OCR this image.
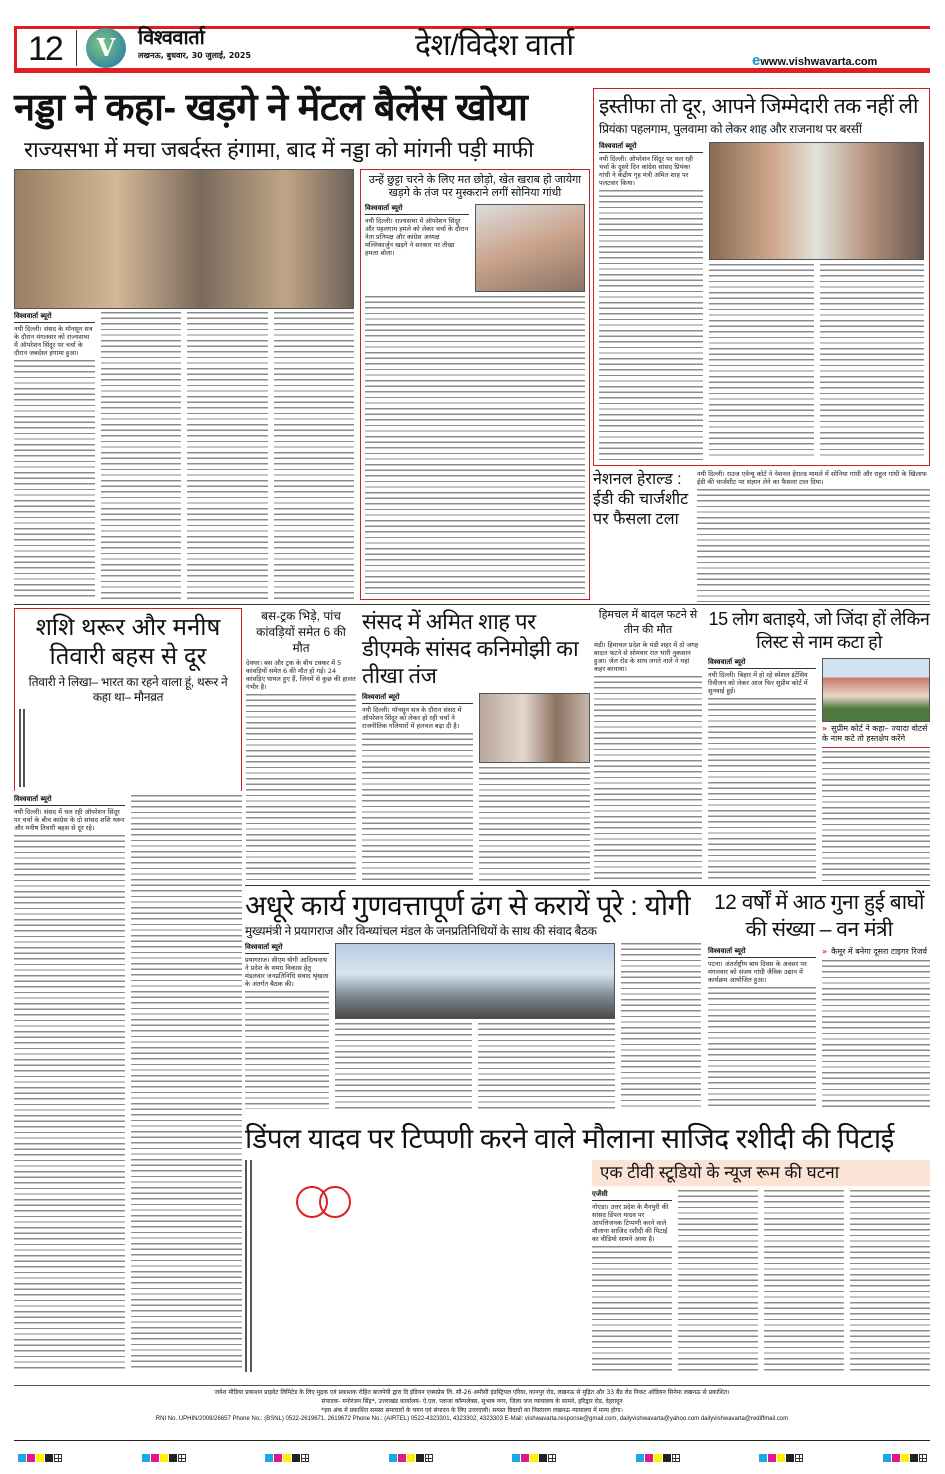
12	V	विश्ववार्ता
लखनऊ, बुधवार, 30 जुलाई, 2025	देश/विदेश वार्ता	ewww.vishwavarta.com
नड्डा ने कहा- खड़गे ने मेंटल बैलेंस खोया
राज्यसभा में मचा जबर्दस्त हंगामा, बाद में नड्डा को मांगनी पड़ी माफी
विश्ववार्ता ब्यूरो
नयी दिल्ली। संसद के मॉनसून सत्र के दौरान मंगलवार को राज्यसभा में ऑपरेशन सिंदूर पर चर्चा के दौरान जबर्दस्त हंगामा हुआ।
उन्हें छुट्टा चरने के लिए मत छोड़ो, खेत खराब हो जायेगा
खड़गे के तंज पर मुस्कराने लगीं सोनिया गांधी
विश्ववार्ता ब्यूरो
नयी दिल्ली। राज्यसभा में ऑपरेशन सिंदूर और पहलगाम हमले को लेकर चर्चा के दौरान नेता प्रतिपक्ष और कांग्रेस अध्यक्ष मल्लिकार्जुन खड़गे ने सरकार पर तीखा हमला बोला।
इस्तीफा तो दूर, आपने जिम्मेदारी तक नहीं ली
प्रियंका पहलगाम, पुलवामा को लेकर शाह और राजनाथ पर बरसीं
विश्ववार्ता ब्यूरो
नयी दिल्ली। ऑपरेशन सिंदूर पर चल रही चर्चा के दूसरे दिन कांग्रेस सांसद प्रियंका गांधी ने केंद्रीय गृह मंत्री अमित शाह पर पलटवार किया।
नेशनल हेराल्ड : ईडी की चार्जशीट पर फैसला टला
नयी दिल्ली। राउज एवेन्यू कोर्ट ने नेशनल हेराल्ड मामले में सोनिया गांधी और राहुल गांधी के खिलाफ ईडी की चार्जशीट पर संज्ञान लेने का फैसला टाल दिया।
शशि थरूर और मनीष तिवारी बहस से दूर
तिवारी ने लिखा– भारत का रहने वाला हूं, थरूर ने कहा था– मौनव्रत
विश्ववार्ता ब्यूरो
नयी दिल्ली। संसद में चल रही ऑपरेशन सिंदूर पर चर्चा के बीच कांग्रेस के दो सांसद शशि थरूर और मनीष तिवारी बहस से दूर रहे।
बस-ट्रक भिड़े, पांच कांवड़ियों समेत 6 की मौत
देवघर। बस और ट्रक के बीच टक्कर में 5 कांवड़ियों समेत 6 की मौत हो गई। 24 कांवड़िए घायल हुए हैं, जिनमें से कुछ की हालत गंभीर है।
संसद में अमित शाह पर डीएमके सांसद कनिमोझी का तीखा तंज
विश्ववार्ता ब्यूरो
नयी दिल्ली। मॉनसून सत्र के दौरान संसद में ऑपरेशन सिंदूर को लेकर हो रही चर्चा ने राजनीतिक गलियारों में हलचल बढ़ा दी है।
हिमचल में बादल फटने से तीन की मौत
मंडी। हिमाचल प्रदेश के मंडी शहर में दो जगह बादल फटने से सोमवार रात भारी नुकसान हुआ। जेल रोड के साथ लगते नाले ने यहां कहर बरपाया।
15 लोग बताइये, जो जिंदा हों लेकिन लिस्ट से नाम कटा हो
विश्ववार्ता ब्यूरो
नयी दिल्ली। बिहार में हो रहे स्पेशल इंटेंसिव रिवीजन को लेकर आज फिर सुप्रीम कोर्ट में सुनवाई हुई।
» सुप्रीम कोर्ट ने कहा– ज्यादा वोटर्स के नाम कटे तो हस्तक्षेप करेंगे
अधूरे कार्य गुणवत्तापूर्ण ढंग से करायें पूरे : योगी
मुख्यमंत्री ने प्रयागराज और विन्ध्यांचल मंडल के जनप्रतिनिधियों के साथ की संवाद बैठक
विश्ववार्ता ब्यूरो
प्रयागराज। सीएम योगी आदित्यनाथ ने प्रदेश के समग्र विकास हेतु मंडलवार जनप्रतिनिधि संवाद श्रृंखला के अंतर्गत बैठक की।
12 वर्षों में आठ गुना हुई बाघों की संख्या – वन मंत्री
विश्ववार्ता ब्यूरो
पटना। अंतर्राष्ट्रीय बाघ दिवस के अवसर पर मंगलवार को संजय गांधी जैविक उद्यान में कार्यक्रम आयोजित हुआ।
» कैमूर में बनेगा दूसरा टाइगर रिजर्व
डिंपल यादव पर टिप्पणी करने वाले मौलाना साजिद रशीदी की पिटाई
1 2
एक टीवी स्टूडियो के न्यूज रूम की घटना
एजेंसी
नोएडा। उत्तर प्रदेश के मैनपुरी की सांसद डिंपल यादव पर आपत्तिजनक टिप्पणी करने वाले मौलाना साजिद रशीदी की पिटाई का वीडियो सामने आया है।
जयेश मीडिया प्रकाशन प्राइवेट लिमिटेड के लिए मुद्रक एवं प्रकाशक रोहित बाजपेयी द्वारा दि इंडियन एक्सप्रेस लि. सी-26 अमौसी इंडस्ट्रियल एरिया, कानपुर रोड, लखनऊ से मुद्रित और 33 बैंड रोड निकट ओडियन सिनेमा लखनऊ से प्रकाशित।
संपादक- मनोरंजन सिंह*, उत्तराखंड कार्यालय- ऐ.एल. प्लाजा कॉम्पलेक्स, सुभाष नगर, जिला जज न्यायालय के सामने, हरिद्वार रोड, देहरादून
*इस अंक में प्रकाशित समस्त समाचारों के चयन एवं संपादन के लिए उत्तरदायी। समस्त विवादों का निस्तारण लखनऊ न्यायालय में मान्य होगा।
RNI No. UPHIN/2008/26657 Phone No.: (BSNL) 0522-2619671, 2619672 Phone No.: (AIRTEL) 0522-4323301, 4323302, 4323303 E-Mail: vishwavarta.response@gmail.com, dailyvishwavarta@yahoo.com dailyvishwavarta@rediffmail.com
